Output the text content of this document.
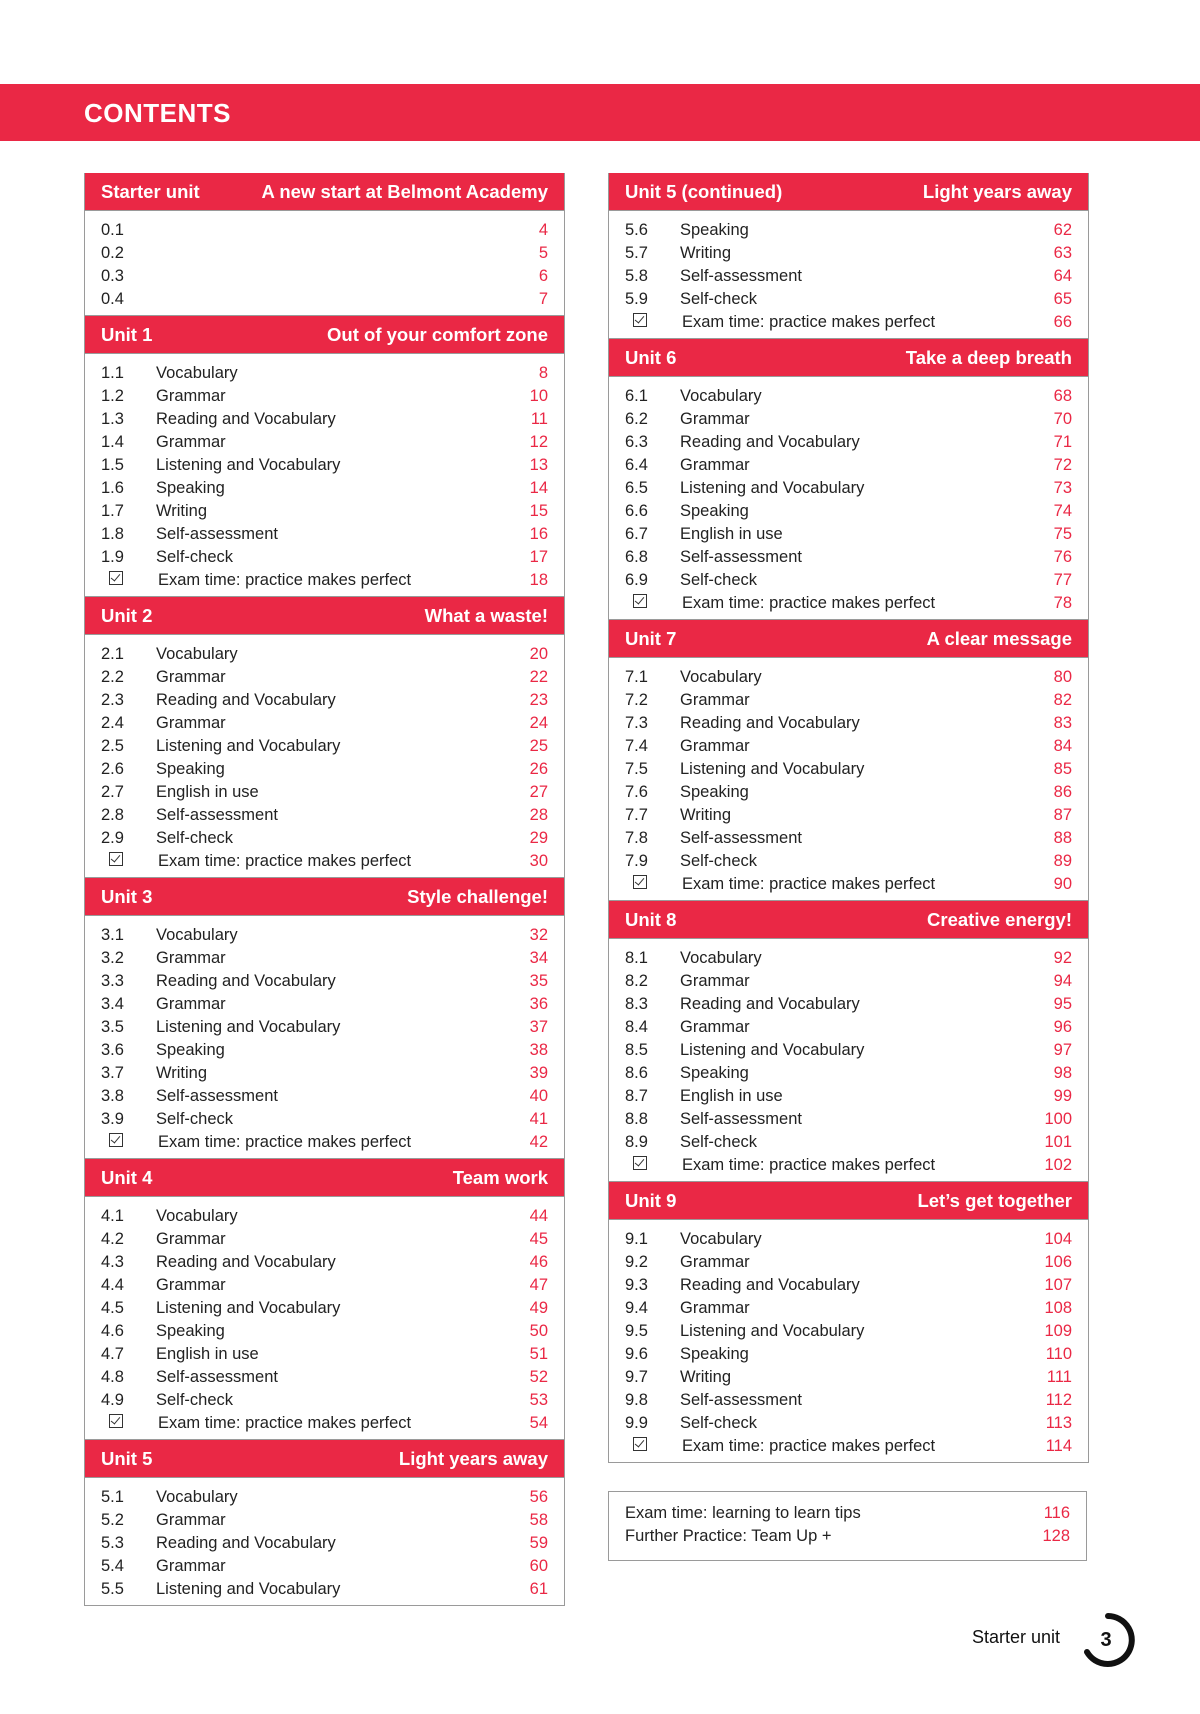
CONTENTS
Starter unit	A new start at Belmont Academy
0.1	4
0.2	5
0.3	6
0.4	7
Unit 1	Out of your comfort zone
1.1	Vocabulary	8
1.2	Grammar	10
1.3	Reading and Vocabulary	11
1.4	Grammar	12
1.5	Listening and Vocabulary	13
1.6	Speaking	14
1.7	Writing	15
1.8	Self-assessment	16
1.9	Self-check	17
Exam time: practice makes perfect	18
Unit 2	What a waste!
2.1	Vocabulary	20
2.2	Grammar	22
2.3	Reading and Vocabulary	23
2.4	Grammar	24
2.5	Listening and Vocabulary	25
2.6	Speaking	26
2.7	English in use	27
2.8	Self-assessment	28
2.9	Self-check	29
Exam time: practice makes perfect	30
Unit 3	Style challenge!
3.1	Vocabulary	32
3.2	Grammar	34
3.3	Reading and Vocabulary	35
3.4	Grammar	36
3.5	Listening and Vocabulary	37
3.6	Speaking	38
3.7	Writing	39
3.8	Self-assessment	40
3.9	Self-check	41
Exam time: practice makes perfect	42
Unit 4	Team work
4.1	Vocabulary	44
4.2	Grammar	45
4.3	Reading and Vocabulary	46
4.4	Grammar	47
4.5	Listening and Vocabulary	49
4.6	Speaking	50
4.7	English in use	51
4.8	Self-assessment	52
4.9	Self-check	53
Exam time: practice makes perfect	54
Unit 5	Light years away
5.1	Vocabulary	56
5.2	Grammar	58
5.3	Reading and Vocabulary	59
5.4	Grammar	60
5.5	Listening and Vocabulary	61
Unit 5 (continued)	Light years away
5.6	Speaking	62
5.7	Writing	63
5.8	Self-assessment	64
5.9	Self-check	65
Exam time: practice makes perfect	66
Unit 6	Take a deep breath
6.1	Vocabulary	68
6.2	Grammar	70
6.3	Reading and Vocabulary	71
6.4	Grammar	72
6.5	Listening and Vocabulary	73
6.6	Speaking	74
6.7	English in use	75
6.8	Self-assessment	76
6.9	Self-check	77
Exam time: practice makes perfect	78
Unit 7	A clear message
7.1	Vocabulary	80
7.2	Grammar	82
7.3	Reading and Vocabulary	83
7.4	Grammar	84
7.5	Listening and Vocabulary	85
7.6	Speaking	86
7.7	Writing	87
7.8	Self-assessment	88
7.9	Self-check	89
Exam time: practice makes perfect	90
Unit 8	Creative energy!
8.1	Vocabulary	92
8.2	Grammar	94
8.3	Reading and Vocabulary	95
8.4	Grammar	96
8.5	Listening and Vocabulary	97
8.6	Speaking	98
8.7	English in use	99
8.8	Self-assessment	100
8.9	Self-check	101
Exam time: practice makes perfect	102
Unit 9	Let’s get together
9.1	Vocabulary	104
9.2	Grammar	106
9.3	Reading and Vocabulary	107
9.4	Grammar	108
9.5	Listening and Vocabulary	109
9.6	Speaking	110
9.7	Writing	111
9.8	Self-assessment	112
9.9	Self-check	113
Exam time: practice makes perfect	114
Exam time: learning to learn tips	116
Further Practice: Team Up +	128
Starter unit	3
